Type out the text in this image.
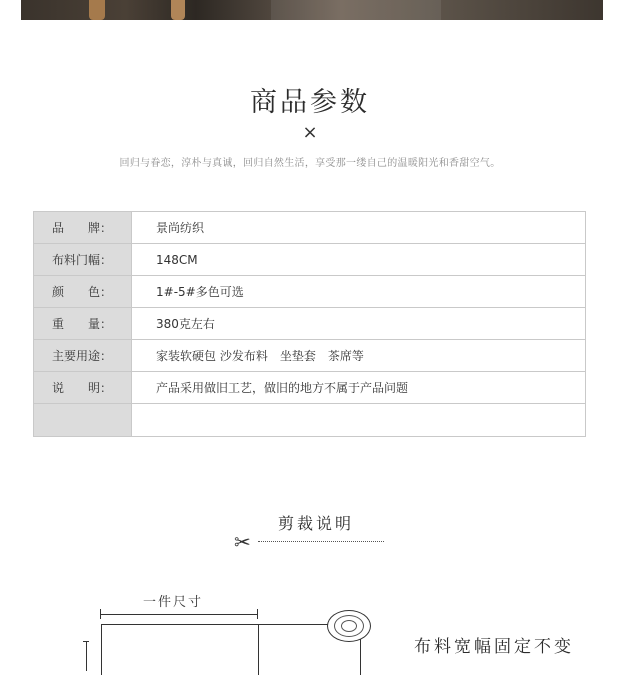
商品参数
×
回归与眷恋，淳朴与真诚，回归自然生活，享受那一缕自己的温暖阳光和香甜空气。
品　　牌：	景尚纺织
布料门幅：	148CM
颜　　色：	1#-5#多色可选
重　　量：	380克左右
主要用途：	家装软硬包 沙发布料　坐垫套　茶席等
说　　明：	产品采用做旧工艺，做旧的地方不属于产品问题

剪裁说明
✂
一件尺寸
布料宽幅固定不变
